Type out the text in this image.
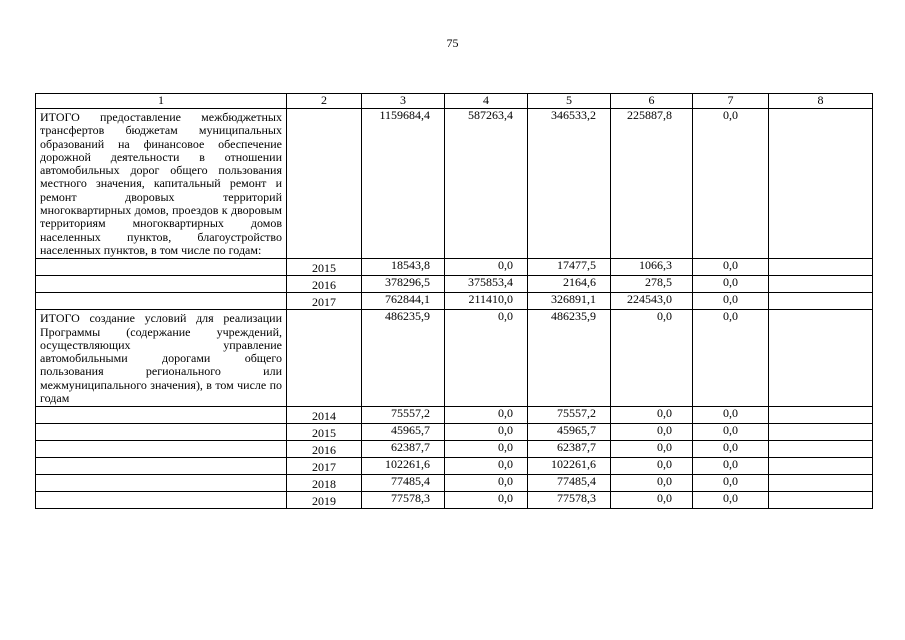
75
1	2	3	4	5	6	7	8
ИТОГО предоставление межбюджетных трансфертов бюджетам муниципальных образований на финансовое обеспечение дорожной деятельности в отношении автомобильных дорог общего пользования местного значения, капитальный ремонт и ремонт дворовых территорий многоквартирных домов, проездов к дворовым территориям многоквартирных домов населенных пунктов, благоустройство населенных пунктов, в том числе по годам:		1159684,4	587263,4	346533,2	225887,8	0,0	
	2015	18543,8	0,0	17477,5	1066,3	0,0	
	2016	378296,5	375853,4	2164,6	278,5	0,0	
	2017	762844,1	211410,0	326891,1	224543,0	0,0	
ИТОГО создание условий для реализации Программы (содержание учреждений, осуществляющих управление автомобильными дорогами общего пользования регионального или межмуниципального значения), в том числе по годам		486235,9	0,0	486235,9	0,0	0,0	
	2014	75557,2	0,0	75557,2	0,0	0,0	
	2015	45965,7	0,0	45965,7	0,0	0,0	
	2016	62387,7	0,0	62387,7	0,0	0,0	
	2017	102261,6	0,0	102261,6	0,0	0,0	
	2018	77485,4	0,0	77485,4	0,0	0,0	
	2019	77578,3	0,0	77578,3	0,0	0,0	
